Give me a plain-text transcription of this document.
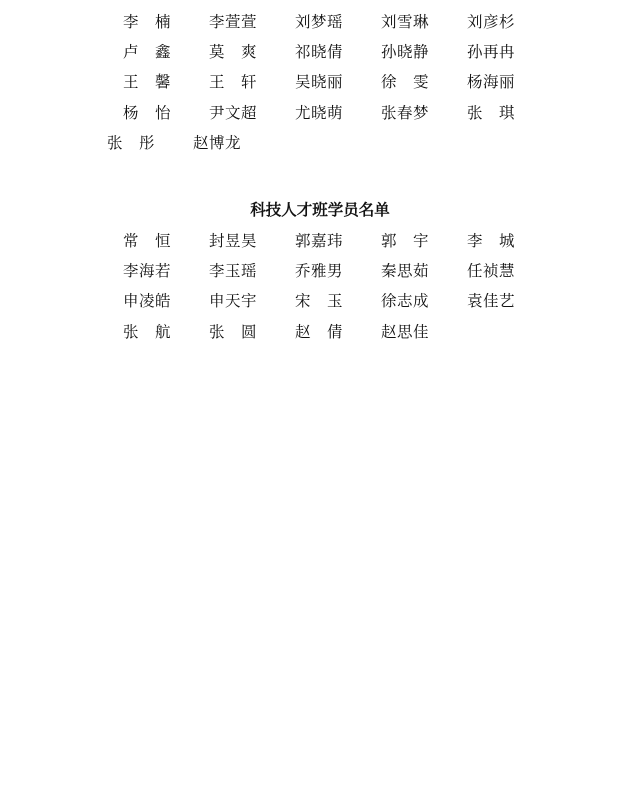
李　楠	李萱萱	刘梦瑶	刘雪琳	刘彦杉
卢　鑫	莫　爽	祁晓倩	孙晓静	孙再冉
王　馨	王　轩	吴晓丽	徐　雯	杨海丽
杨　怡	尹文超	尤晓萌	张春梦	张　琪
张　彤	赵博龙
科技人才班学员名单
常　恒	封昱昊	郭嘉玮	郭　宇	李　城
李海若	李玉瑶	乔雅男	秦思茹	任祯慧
申凌皓	申天宇	宋　玉	徐志成	袁佳艺
张　航	张　圆	赵　倩	赵思佳
